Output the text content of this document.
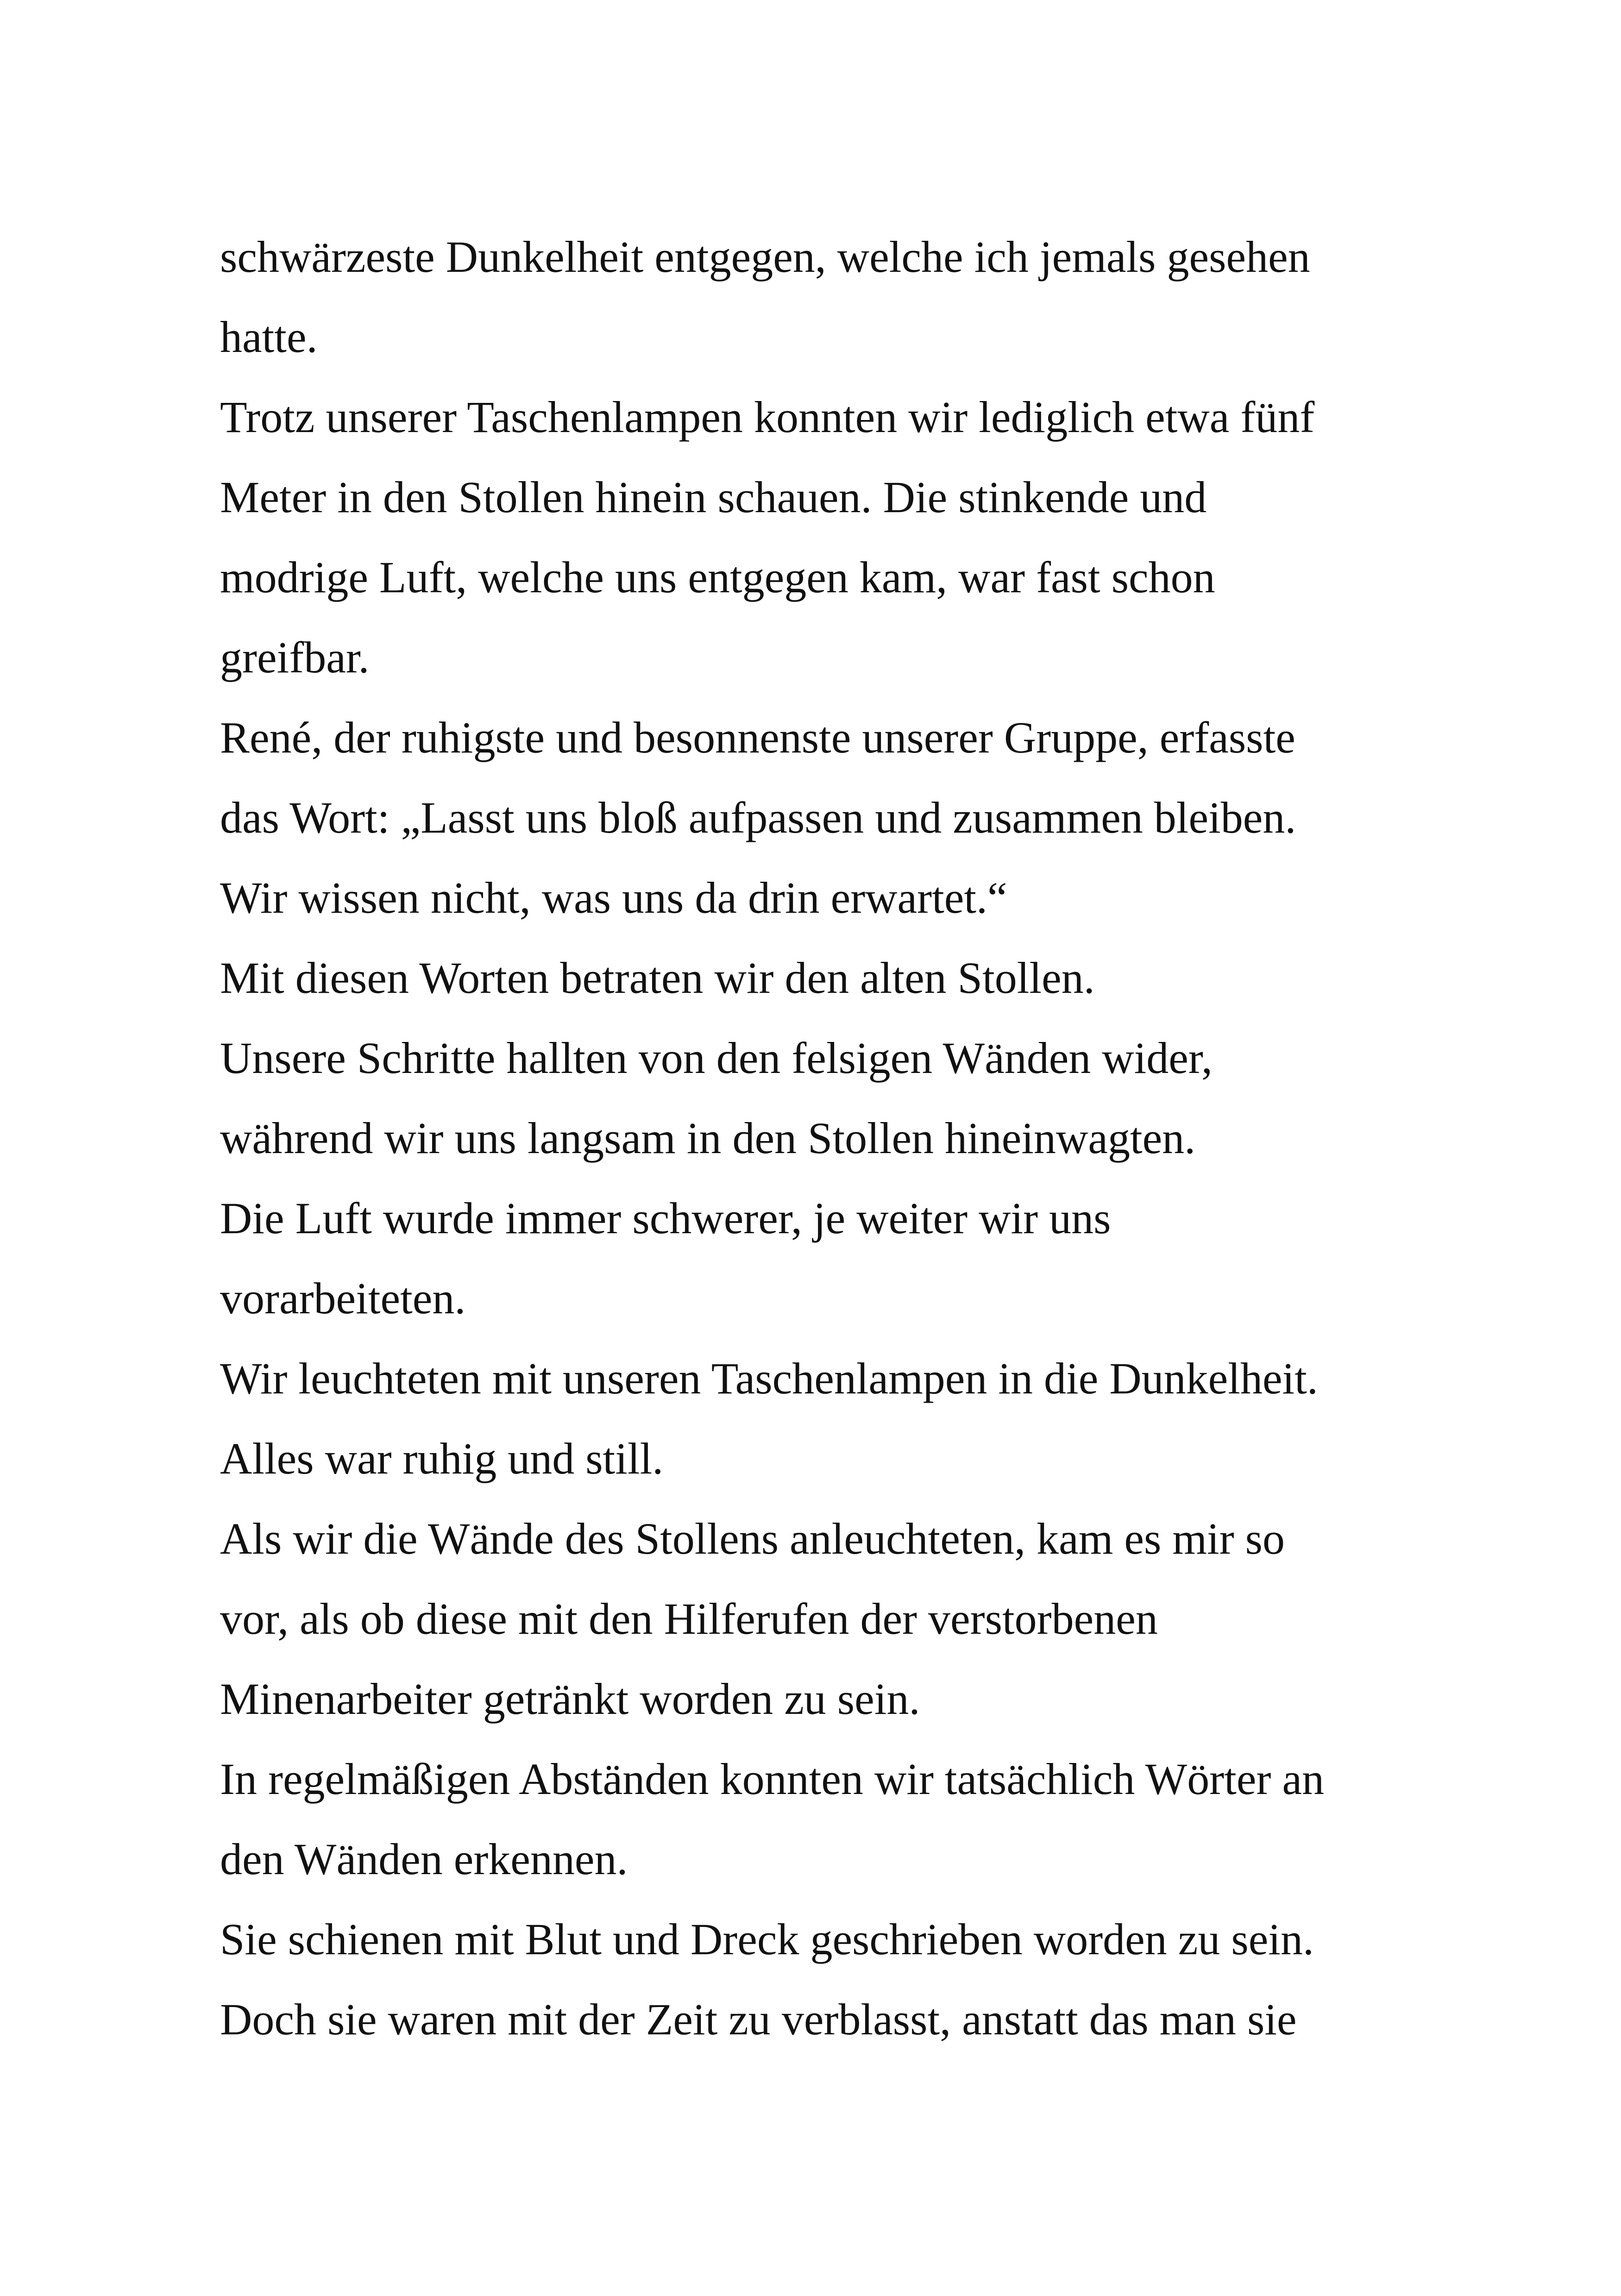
schwärzeste Dunkelheit entgegen, welche ich jemals gesehen
hatte.
Trotz unserer Taschenlampen konnten wir lediglich etwa fünf
Meter in den Stollen hinein schauen. Die stinkende und
modrige Luft, welche uns entgegen kam, war fast schon
greifbar.
René, der ruhigste und besonnenste unserer Gruppe, erfasste
das Wort: „Lasst uns bloß aufpassen und zusammen bleiben.
Wir wissen nicht, was uns da drin erwartet.“
Mit diesen Worten betraten wir den alten Stollen.
Unsere Schritte hallten von den felsigen Wänden wider,
während wir uns langsam in den Stollen hineinwagten.
Die Luft wurde immer schwerer, je weiter wir uns
vorarbeiteten.
Wir leuchteten mit unseren Taschenlampen in die Dunkelheit.
Alles war ruhig und still.
Als wir die Wände des Stollens anleuchteten, kam es mir so
vor, als ob diese mit den Hilferufen der verstorbenen
Minenarbeiter getränkt worden zu sein.
In regelmäßigen Abständen konnten wir tatsächlich Wörter an
den Wänden erkennen.
Sie schienen mit Blut und Dreck geschrieben worden zu sein.
Doch sie waren mit der Zeit zu verblasst, anstatt das man sie
